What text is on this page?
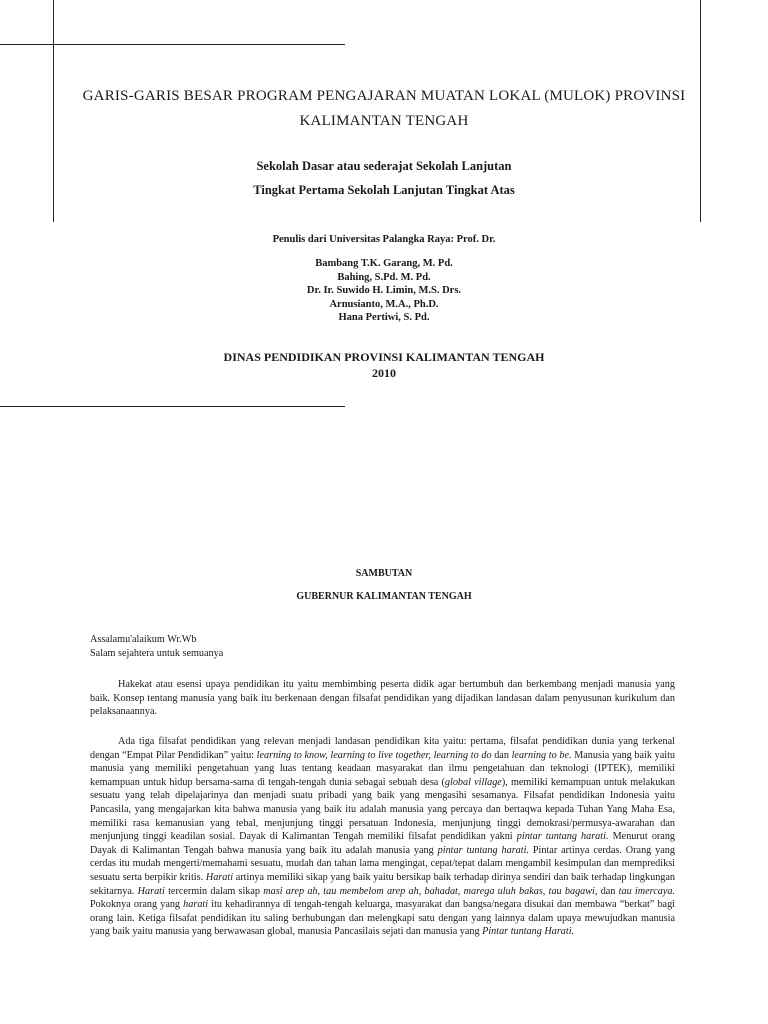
GARIS-GARIS BESAR PROGRAM PENGAJARAN MUATAN LOKAL (MULOK) PROVINSI
KALIMANTAN TENGAH
Sekolah Dasar atau sederajat Sekolah Lanjutan
Tingkat Pertama Sekolah Lanjutan Tingkat Atas
Penulis dari Universitas Palangka Raya: Prof. Dr.
Bambang T.K. Garang, M. Pd.
Bahing, S.Pd. M. Pd.
Dr. Ir. Suwido H. Limin, M.S. Drs.
Arnusianto, M.A., Ph.D.
Hana Pertiwi, S. Pd.
DINAS PENDIDIKAN PROVINSI KALIMANTAN TENGAH
2010
SAMBUTAN
GUBERNUR KALIMANTAN TENGAH
Assalamu'alaikum Wr.Wb
Salam sejahtera untuk semuanya

Hakekat atau esensi upaya pendidikan itu yaitu membimbing peserta didik agar bertumbuh dan berkembang menjadi manusia yang baik. Konsep tentang manusia yang baik itu berkenaan dengan filsafat pendidikan yang dijadikan landasan dalam penyusunan kurikulum dan pelaksanaannya.

Ada tiga filsafat pendidikan yang relevan menjadi landasan pendidikan kita yaitu: pertama, filsafat pendidikan dunia yang terkenal dengan “Empat Pilar Pendidikan” yaitu: learning to know, learning to live together, learning to do dan learning to be. Manusia yang baik yaitu manusia yang memiliki pengetahuan yang luas tentang keadaan masyarakat dan ilmu pengetahuan dan teknologi (IPTEK), memiliki kemampuan untuk hidup bersama-sama di tengah-tengah dunia sebagai sebuah desa (global village), memiliki kemampuan untuk melakukan sesuatu yang telah dipelajarinya dan menjadi suatu pribadi yang baik yang mengasihi sesamanya. Filsafat pendidikan Indonesia yaitu Pancasila, yang mengajarkan kita bahwa manusia yang baik itu adalah manusia yang percaya dan bertaqwa kepada Tuhan Yang Maha Esa, memiliki rasa kemanusian yang tebal, menjunjung tinggi persatuan Indonesia, menjunjung tinggi demokrasi/permusya-awarahan dan menjunjung tinggi keadilan sosial. Dayak di Kalimantan Tengah memiliki filsafat pendidikan yakni pintar tuntang harati. Menurut orang Dayak di Kalimantan Tengah bahwa manusia yang baik itu adalah manusia yang pintar tuntang harati. Pintar artinya cerdas. Orang yang cerdas itu mudah mengerti/memahami sesuatu, mudah dan tahan lama mengingat, cepat/tepat dalam mengambil kesimpulan dan memprediksi sesuatu serta berpikir kritis. Harati artinya memiliki sikap yang baik yaitu bersikap baik terhadap dirinya sendiri dan baik terhadap lingkungan sekitarnya. Harati tercermin dalam sikap masi arep ah, tau membelom arep ah, bahadat, marega uluh bakas, tau bagawi, dan tau imercaya. Pokoknya orang yang harati itu kehadirannya di tengah-tengah keluarga, masyarakat dan bangsa/negara disukai dan membawa “berkat” bagi orang lain. Ketiga filsafat pendidikan itu saling berhubungan dan melengkapi satu dengan yang lainnya dalam upaya mewujudkan manusia yang baik yaitu manusia yang berwawasan global, manusia Pancasilais sejati dan manusia yang Pintar tuntang Harati.
